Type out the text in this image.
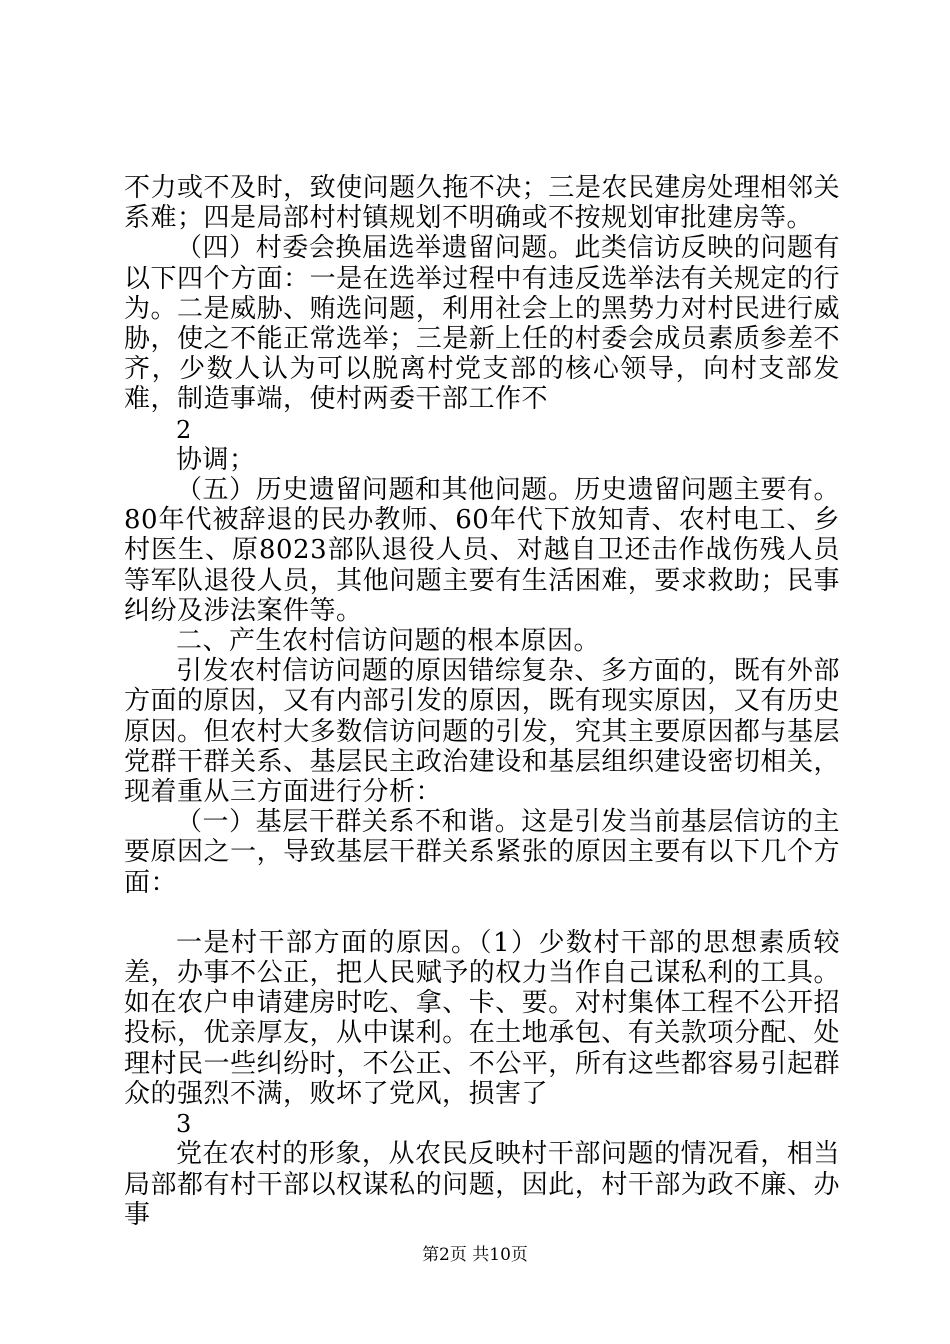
不力或不及时，致使问题久拖不决；三是农民建房处理相邻关系难；四是局部村村镇规划不明确或不按规划审批建房等。

（四）村委会换届选举遗留问题。此类信访反映的问题有以下四个方面：一是在选举过程中有违反选举法有关规定的行为。二是威胁、贿选问题，利用社会上的黑势力对村民进行威胁，使之不能正常选举；三是新上任的村委会成员素质参差不齐，少数人认为可以脱离村党支部的核心领导，向村支部发难，制造事端，使村两委干部工作不

2

协调；

（五）历史遗留问题和其他问题。历史遗留问题主要有。80年代被辞退的民办教师、60年代下放知青、农村电工、乡村医生、原8023部队退役人员、对越自卫还击作战伤残人员等军队退役人员，其他问题主要有生活困难，要求救助；民事纠纷及涉法案件等。

二、产生农村信访问题的根本原因。

引发农村信访问题的原因错综复杂、多方面的，既有外部方面的原因，又有内部引发的原因，既有现实原因，又有历史原因。但农村大多数信访问题的引发，究其主要原因都与基层党群干群关系、基层民主政治建设和基层组织建设密切相关，现着重从三方面进行分析：

（一）基层干群关系不和谐。这是引发当前基层信访的主要原因之一，导致基层干群关系紧张的原因主要有以下几个方面：

一是村干部方面的原因。（1）少数村干部的思想素质较差，办事不公正，把人民赋予的权力当作自己谋私利的工具。如在农户申请建房时吃、拿、卡、要。对村集体工程不公开招投标，优亲厚友，从中谋利。在土地承包、有关款项分配、处理村民一些纠纷时，不公正、不公平，所有这些都容易引起群众的强烈不满，败坏了党风，损害了

3

党在农村的形象，从农民反映村干部问题的情况看，相当局部都有村干部以权谋私的问题，因此，村干部为政不廉、办事

第2页 共10页
